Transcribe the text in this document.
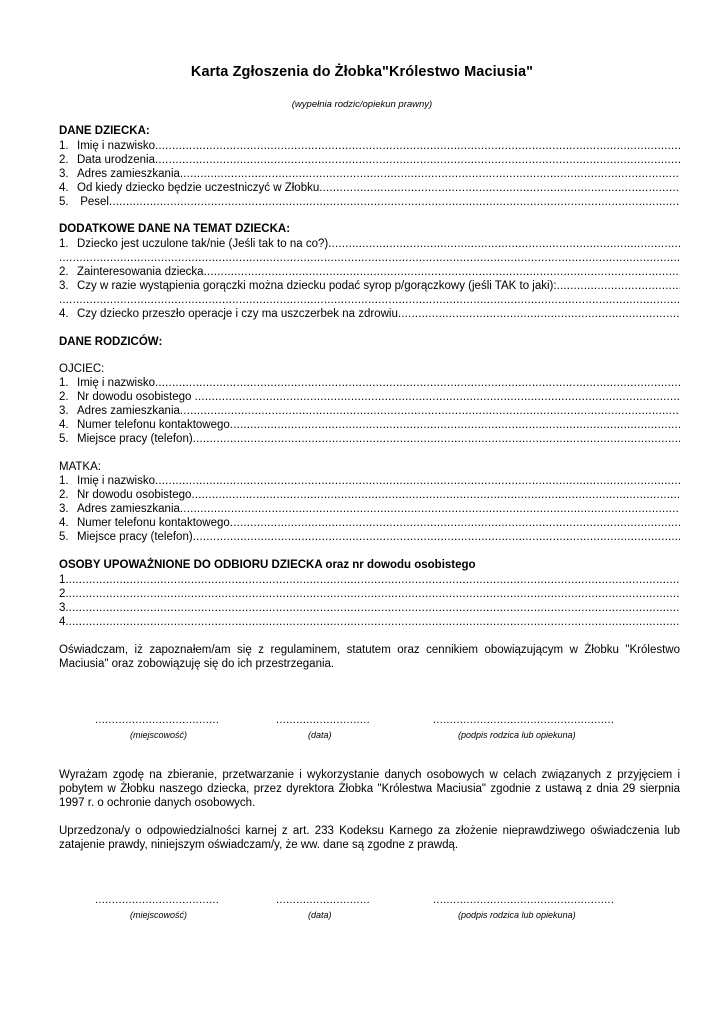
Karta Zgłoszenia do Żłobka"Królestwo Maciusia"
(wypełnia rodzic/opiekun prawny)
DANE DZIECKA:
1. Imię i nazwisko
.....
2. Data urodzenia
.....
3. Adres zamieszkania
.....
4. Od kiedy dziecko będzie uczestniczyć w Żłobku
.....
5. Pesel
.....
DODATKOWE DANE NA TEMAT DZIECKA:
1. Dziecko jest uczulone tak/nie (Jeśli tak to na co?)
.....
.....
2. Zainteresowania dziecka
.....
3. Czy w razie wystąpienia gorączki można dziecku podać syrop p/gorączkowy (jeśli TAK to jaki):
.....
.....
4. Czy dziecko przeszło operacje i czy ma uszczerbek na zdrowiu
.....
DANE RODZICÓW:
OJCIEC:
1. Imię i nazwisko
.....
2. Nr dowodu osobistego
.....
3. Adres zamieszkania
.....
4. Numer telefonu kontaktowego
.....
5. Miejsce pracy (telefon)
.....
MATKA:
1. Imię i nazwisko
.....
2. Nr dowodu osobistego
.....
3. Adres zamieszkania
.....
4. Numer telefonu kontaktowego
.....
5. Miejsce pracy (telefon)
.....
OSOBY UPOWAŻNIONE DO ODBIORU DZIECKA oraz nr dowodu osobistego
1.
.....
2.
.....
3.
.....
4.
.....
Oświadczam, iż zapoznałem/am się z regulaminem, statutem oraz cennikiem obowiązującym w Żłobku "Królestwo Maciusia" oraz zobowiązuję się do ich przestrzegania.
.....................................	............................	......................................................
(miejscowość)	(data)	(podpis rodzica lub opiekuna)
Wyrażam zgodę na zbieranie, przetwarzanie i wykorzystanie danych osobowych w celach związanych z przyjęciem i pobytem w Żłobku naszego dziecka, przez dyrektora Żłobka "Królestwa Maciusia" zgodnie z ustawą z dnia 29 sierpnia 1997 r. o ochronie danych osobowych.
Uprzedzona/y o odpowiedzialności karnej z art. 233 Kodeksu Karnego za złożenie nieprawdziwego oświadczenia lub zatajenie prawdy, niniejszym oświadczam/y, że ww. dane są zgodne z prawdą.
.....................................	............................	......................................................
(miejscowość)	(data)	(podpis rodzica lub opiekuna)
